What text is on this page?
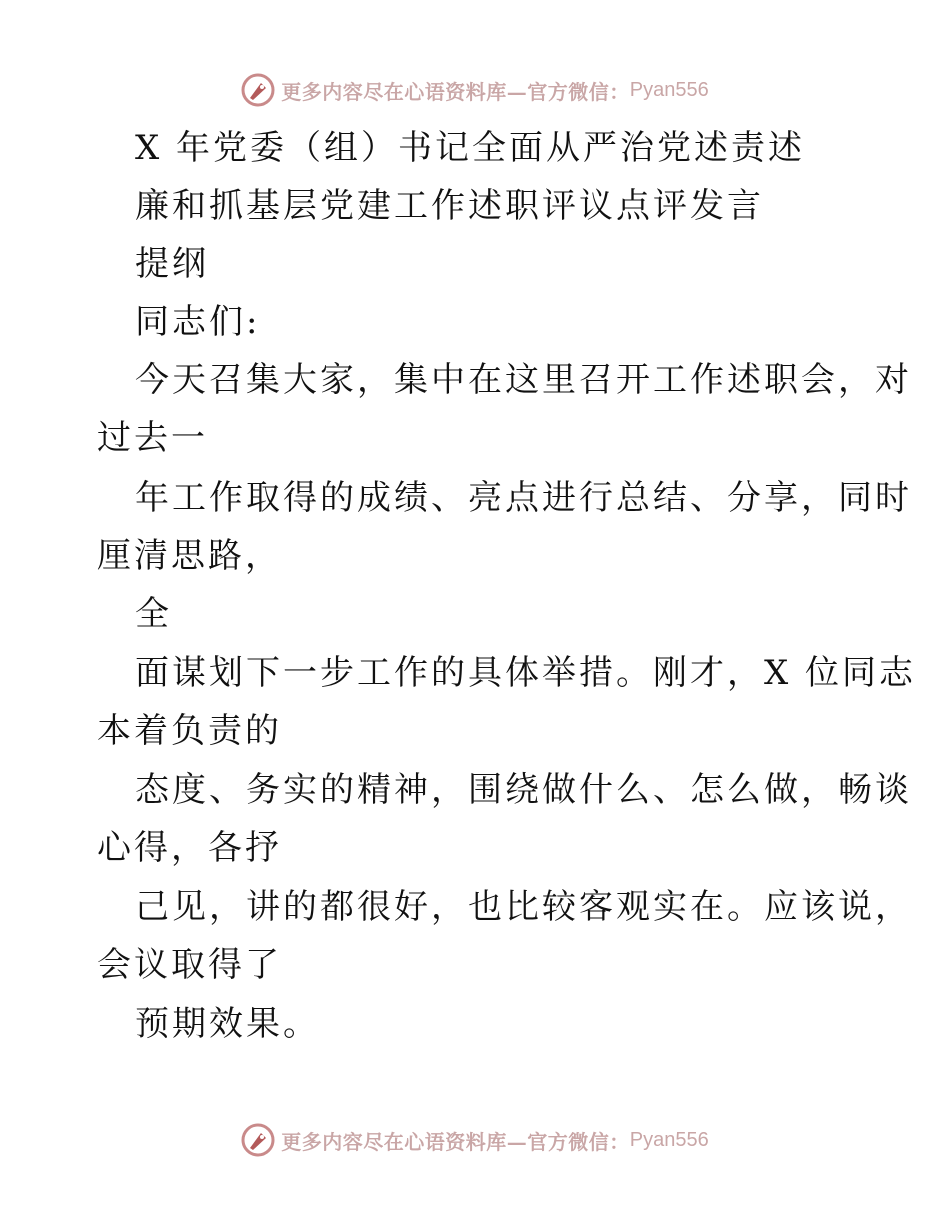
更多内容尽在心语资料库—官方微信： Pyan556
X 年党委（组）书记全面从严治党述责述
廉和抓基层党建工作述职评议点评发言
提纲
同志们:
今天召集大家，集中在这里召开工作述职会，对
过去一
年工作取得的成绩、亮点进行总结、分享，同时
厘清思路，
全
面谋划下一步工作的具体举措。刚才，X 位同志
本着负责的
态度、务实的精神，围绕做什么、怎么做，畅谈
心得，各抒
己见，讲的都很好，也比较客观实在。应该说，
会议取得了
预期效果。
更多内容尽在心语资料库—官方微信： Pyan556
